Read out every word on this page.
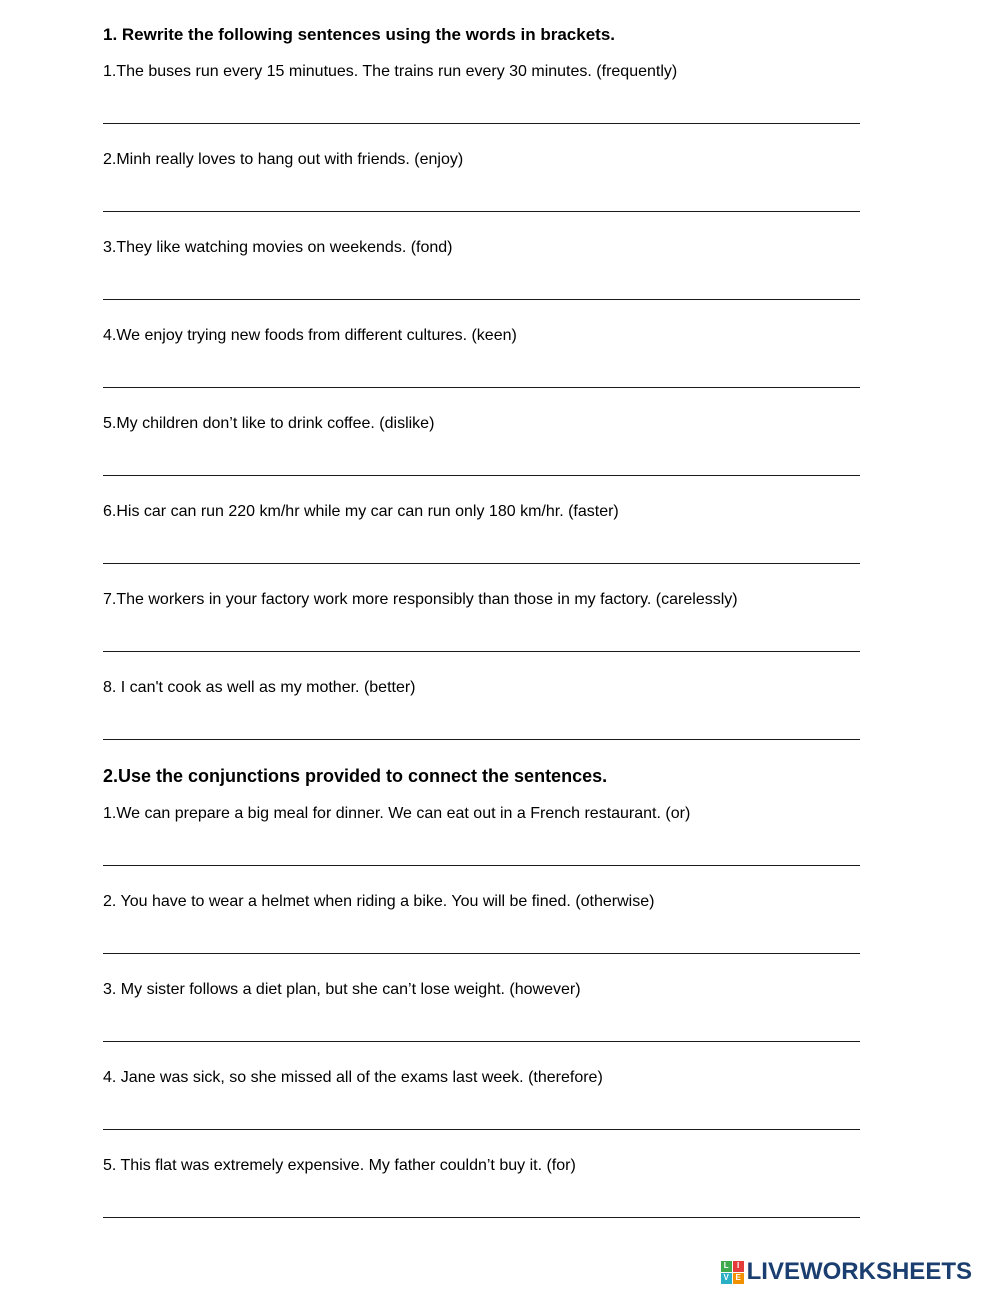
1. Rewrite the following sentences using the words in brackets.

1.The buses run every 15 minutues. The trains run every 30 minutes. (frequently)

2.Minh really loves to hang out with friends. (enjoy)

3.They like watching movies on weekends. (fond)

4.We enjoy trying new foods from different cultures. (keen)

5.My children don’t like to drink coffee. (dislike)

6.His car can run 220 km/hr while my car can run only 180 km/hr. (faster)

7.The workers in your factory work more responsibly than those in my factory. (carelessly)

8. I can't cook as well as my mother. (better)

2.Use the conjunctions provided to connect the sentences.

1.We can prepare a big meal for dinner. We can eat out in a French restaurant. (or)

2. You have to wear a helmet when riding a bike. You will be fined. (otherwise)

3. My sister follows a diet plan, but she can’t lose weight. (however)

4. Jane was sick, so she missed all of the exams last week. (therefore)

5. This flat was extremely expensive. My father couldn’t buy it. (for)

L	I
V E LIVEWORKSHEETS
